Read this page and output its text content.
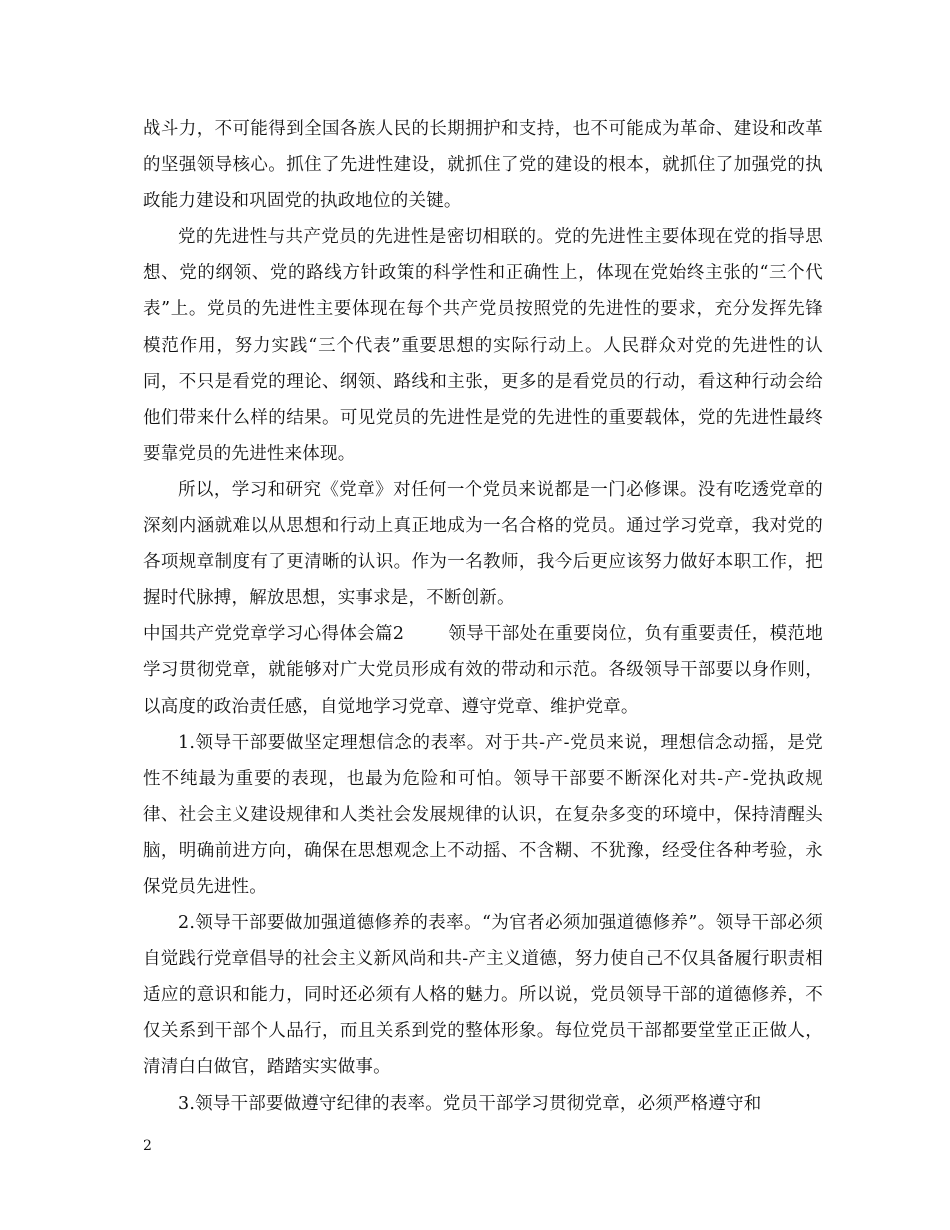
战斗力，不可能得到全国各族人民的长期拥护和支持，也不可能成为革命、建设和改革的坚强领导核心。抓住了先进性建设，就抓住了党的建设的根本，就抓住了加强党的执政能力建设和巩固党的执政地位的关键。

党的先进性与共产党员的先进性是密切相联的。党的先进性主要体现在党的指导思想、党的纲领、党的路线方针政策的科学性和正确性上，体现在党始终主张的“三个代表”上。党员的先进性主要体现在每个共产党员按照党的先进性的要求，充分发挥先锋模范作用，努力实践“三个代表”重要思想的实际行动上。人民群众对党的先进性的认同，不只是看党的理论、纲领、路线和主张，更多的是看党员的行动，看这种行动会给他们带来什么样的结果。可见党员的先进性是党的先进性的重要载体，党的先进性最终要靠党员的先进性来体现。

所以，学习和研究《党章》对任何一个党员来说都是一门必修课。没有吃透党章的深刻内涵就难以从思想和行动上真正地成为一名合格的党员。通过学习党章，我对党的各项规章制度有了更清晰的认识。作为一名教师，我今后更应该努力做好本职工作，把握时代脉搏，解放思想，实事求是，不断创新。

中国共产党党章学习心得体会篇2	领导干部处在重要岗位，负有重要责任，模范地学习贯彻党章，就能够对广大党员形成有效的带动和示范。各级领导干部要以身作则，以高度的政治责任感，自觉地学习党章、遵守党章、维护党章。

1.领导干部要做坚定理想信念的表率。对于共-产-党员来说，理想信念动摇，是党性不纯最为重要的表现，也最为危险和可怕。领导干部要不断深化对共-产-党执政规律、社会主义建设规律和人类社会发展规律的认识，在复杂多变的环境中，保持清醒头脑，明确前进方向，确保在思想观念上不动摇、不含糊、不犹豫，经受住各种考验，永保党员先进性。

2.领导干部要做加强道德修养的表率。“为官者必须加强道德修养”。领导干部必须自觉践行党章倡导的社会主义新风尚和共-产主义道德，努力使自己不仅具备履行职责相适应的意识和能力，同时还必须有人格的魅力。所以说，党员领导干部的道德修养，不仅关系到干部个人品行，而且关系到党的整体形象。每位党员干部都要堂堂正正做人，清清白白做官，踏踏实实做事。

3.领导干部要做遵守纪律的表率。党员干部学习贯彻党章，必须严格遵守和

2
